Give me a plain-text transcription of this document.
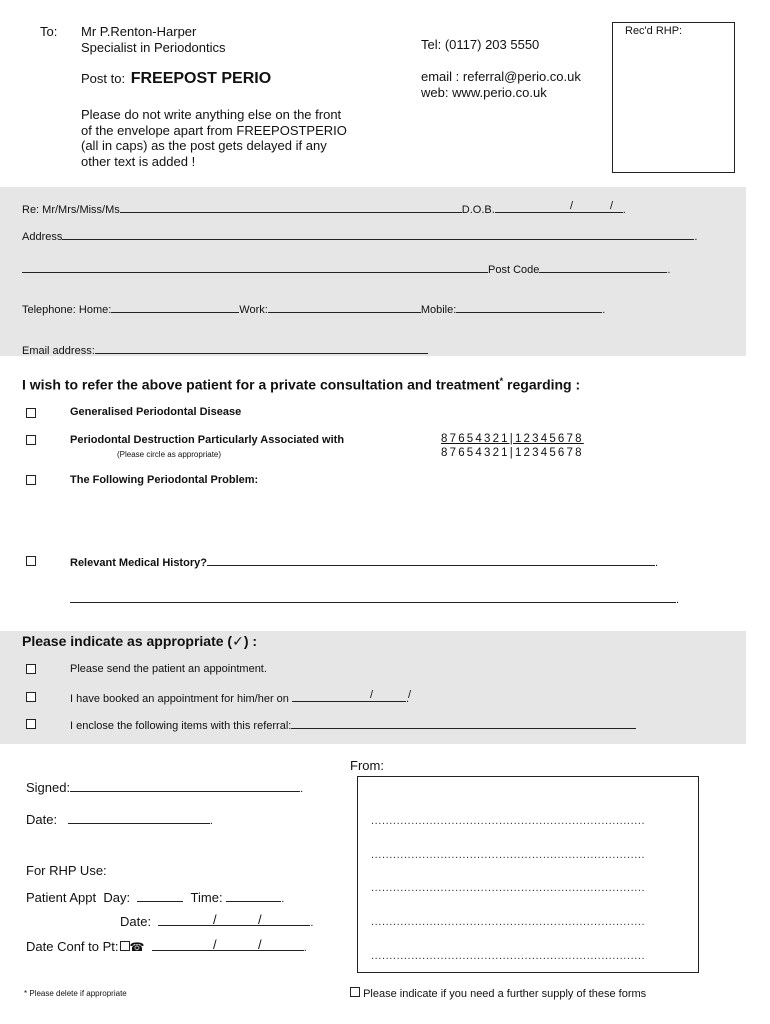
To: Mr P.Renton-Harper
Specialist in Periodontics
Post to: FREEPOST PERIO
Please do not write anything else on the front
of the envelope apart from FREEPOSTPERIO
(all in caps) as the post gets delayed if any
other text is added !
Tel: (0117) 203 5550
email : referral@perio.co.uk
web: www.perio.co.uk
Rec'd RHP:
Re: Mr/Mrs/Miss/Ms	D.O.B.	.
/	/
Address	.
Post Code	.
Telephone: Home:	Work:	Mobile:	.
Email address:
I wish to refer the above patient for a private consultation and treatment* regarding :
Generalised Periodontal Disease
Periodontal Destruction Particularly Associated with
(Please circle as appropriate)
87654321|12345678
87654321|12345678
The Following Periodontal Problem:
Relevant Medical History?	.
.
Please indicate as appropriate (✓) :
Please send the patient an appointment.
I have booked an appointment for him/her on	.
/	/
I enclose the following items with this referral:
Signed:	.
Date:	.
For RHP Use:
Patient Appt  Day:	Time:	.
Date:	.
/	/
Date Conf to Pt: ☎	.
/	/
From:
...........................................................................
...........................................................................
...........................................................................
...........................................................................
...........................................................................
* Please delete if appropriate	Please indicate if you need a further supply of these forms
